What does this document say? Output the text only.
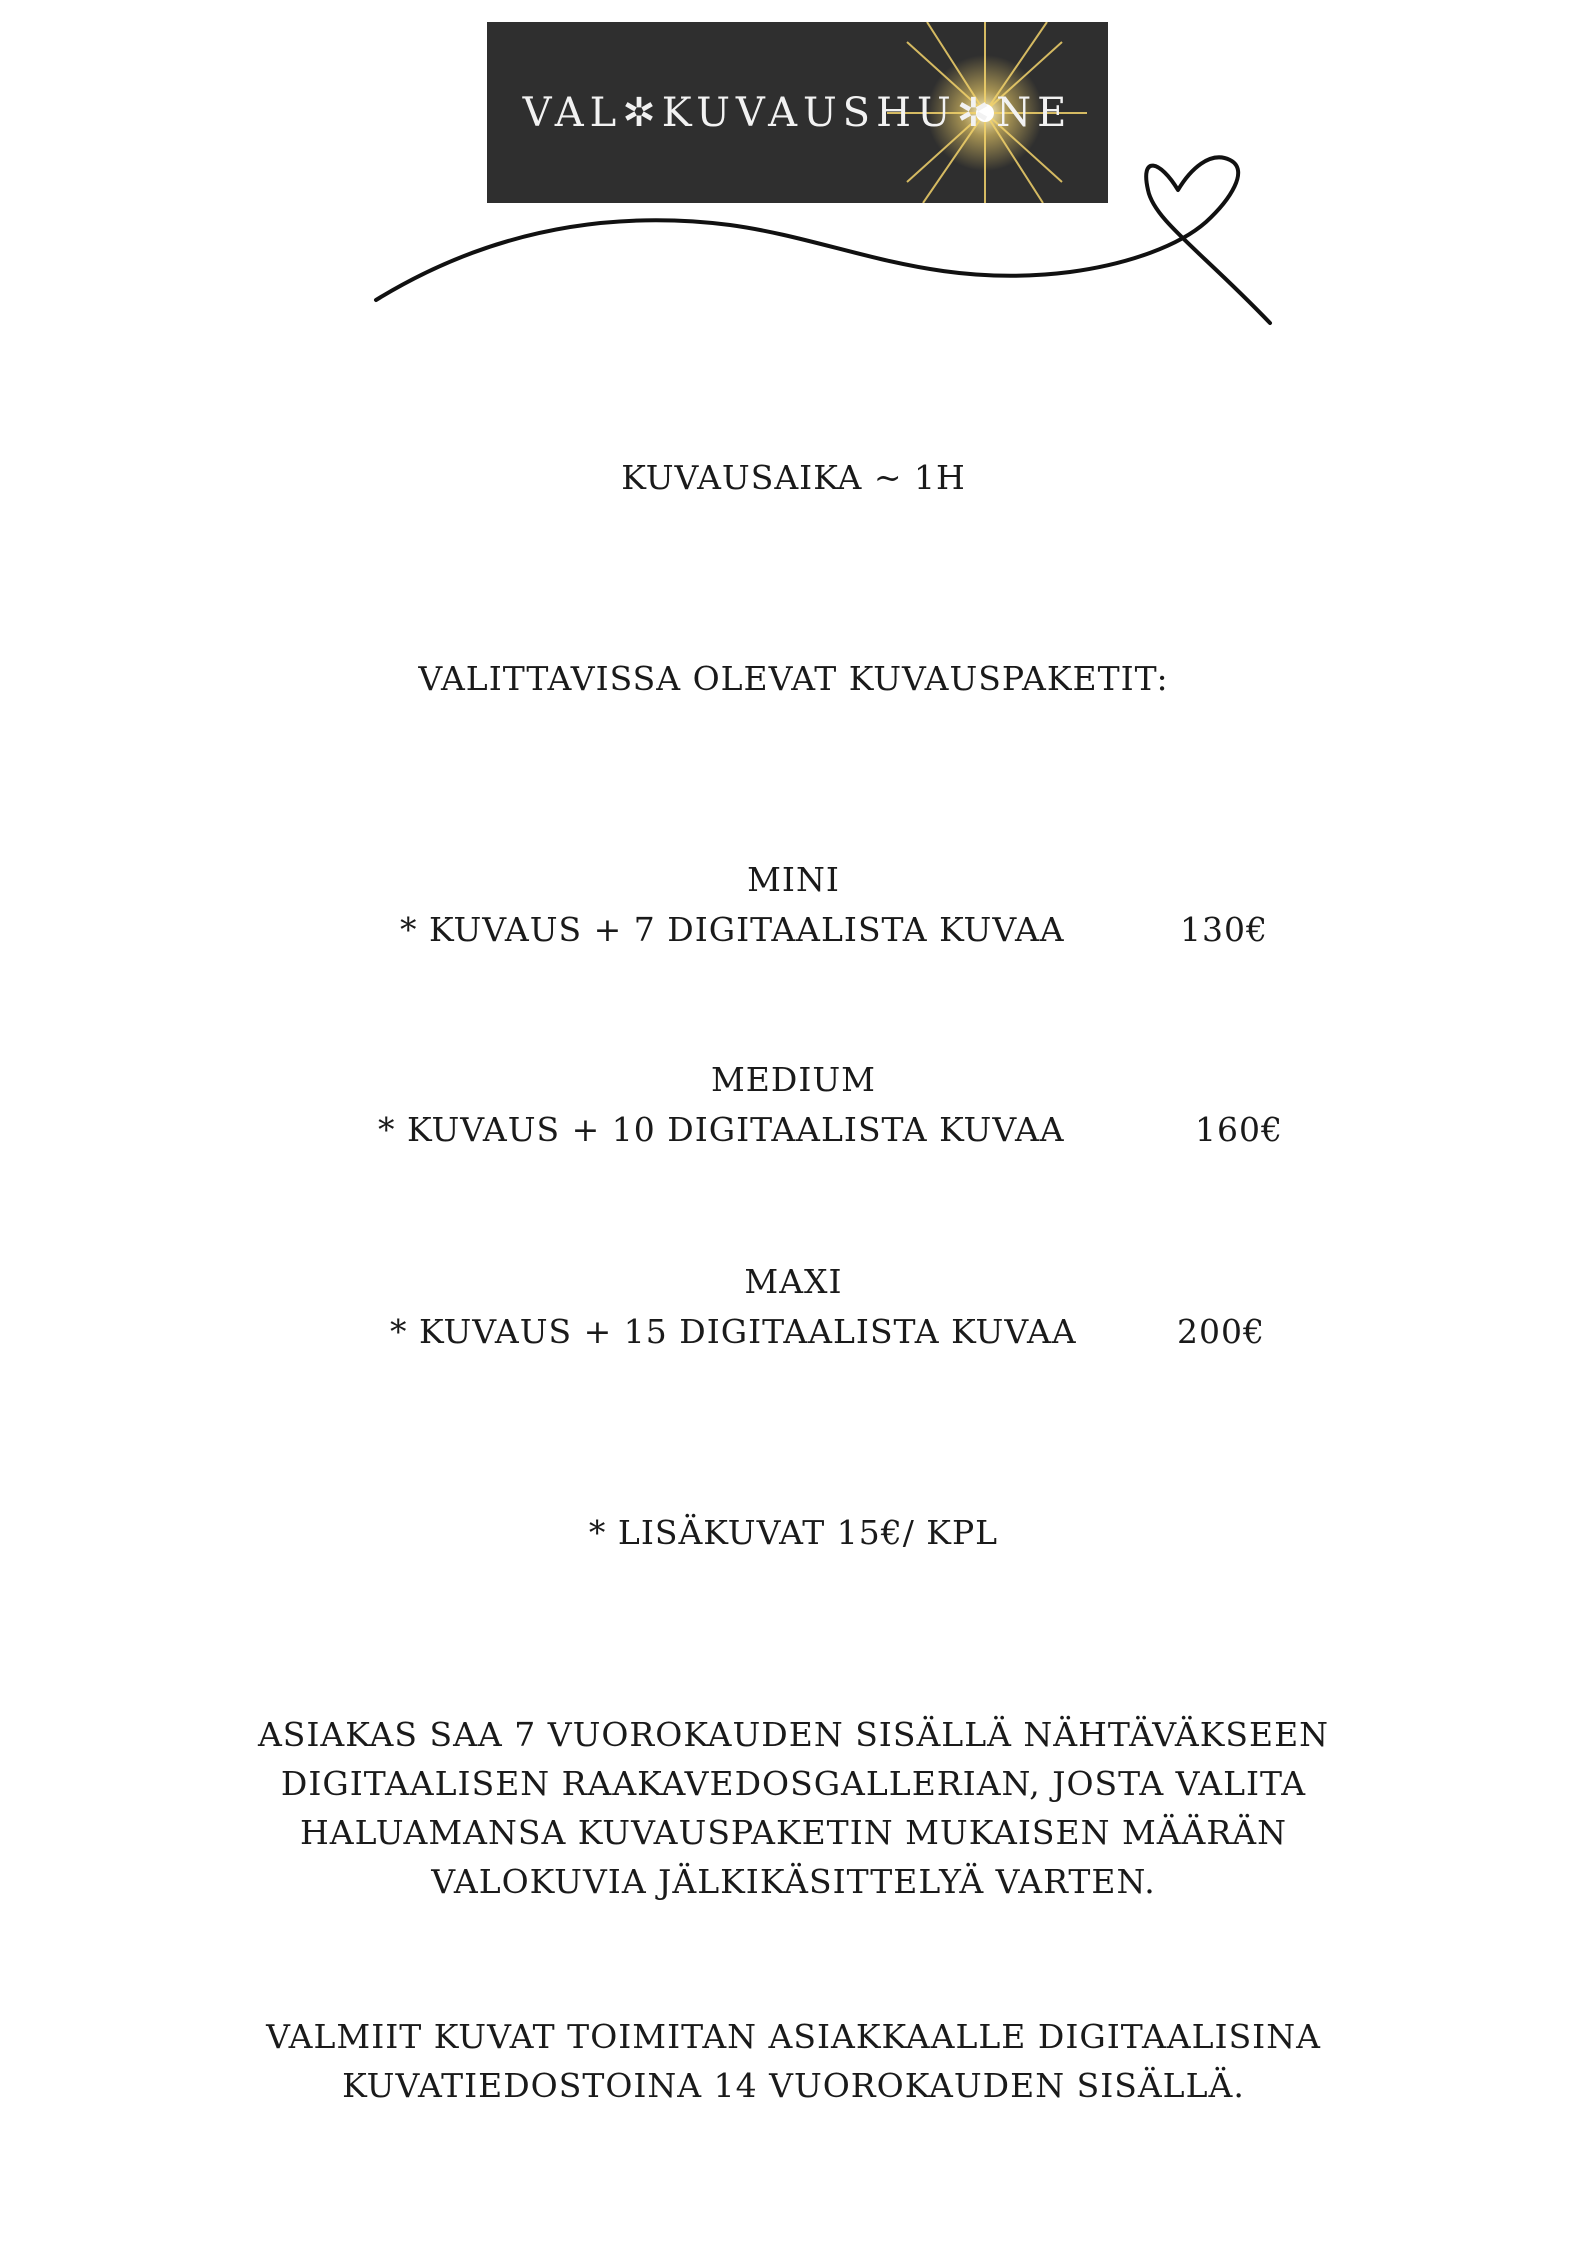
VAL✲KUVAUSHU✲NE
KUVAUSAIKA ~ 1H
VALITTAVISSA OLEVAT KUVAUSPAKETIT:
MINI
* KUVAUS + 7 DIGITAALISTA KUVAA	130€
MEDIUM
* KUVAUS + 10 DIGITAALISTA KUVAA	160€
MAXI
* KUVAUS + 15 DIGITAALISTA KUVAA	200€
* LISÄKUVAT 15€/ KPL
ASIAKAS SAA 7 VUOROKAUDEN SISÄLLÄ NÄHTÄVÄKSEEN
DIGITAALISEN RAAKAVEDOSGALLERIAN, JOSTA VALITA
HALUAMANSA KUVAUSPAKETIN MUKAISEN MÄÄRÄN
VALOKUVIA JÄLKIKÄSITTELYÄ VARTEN.
VALMIIT KUVAT TOIMITAN ASIAKKAALLE DIGITAALISINA
KUVATIEDOSTOINA 14 VUOROKAUDEN SISÄLLÄ.
